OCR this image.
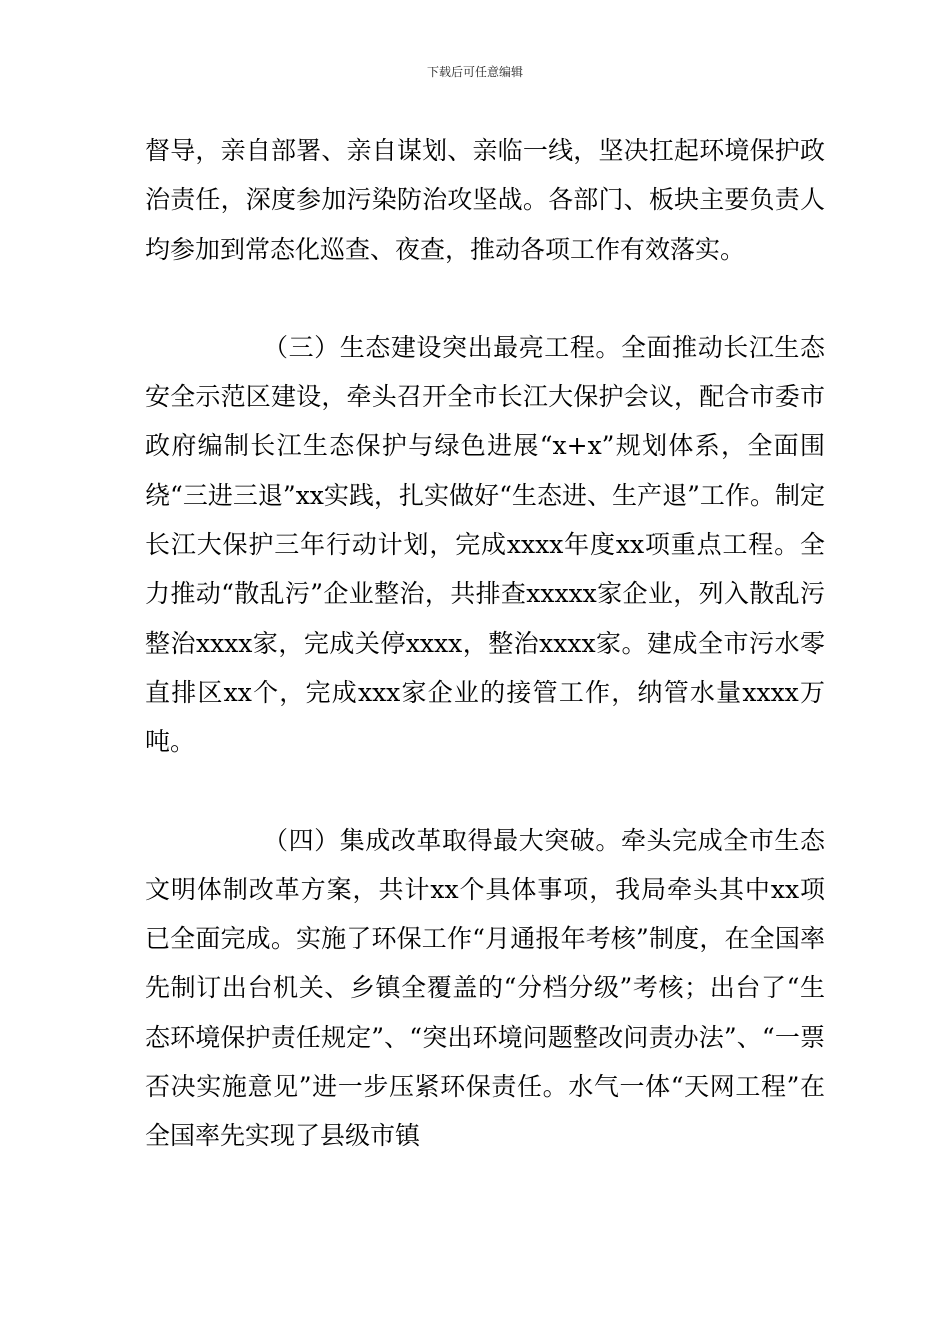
下载后可任意编辑

督导，亲自部署、亲自谋划、亲临一线，坚决扛起环境保护政治责任，深度参加污染防治攻坚战。各部门、板块主要负责人均参加到常态化巡查、夜查，推动各项工作有效落实。

（三）生态建设突出最亮工程。全面推动长江生态安全示范区建设，牵头召开全市长江大保护会议，配合市委市政府编制长江生态保护与绿色进展“x+x”规划体系，全面围绕“三进三退”xx实践，扎实做好“生态进、生产退”工作。制定长江大保护三年行动计划，完成xxxx年度xx项重点工程。全力推动“散乱污”企业整治，共排查xxxxx家企业，列入散乱污整治xxxx家，完成关停xxxx，整治xxxx家。建成全市污水零直排区xx个，完成xxx家企业的接管工作，纳管水量xxxx万吨。

（四）集成改革取得最大突破。牵头完成全市生态文明体制改革方案，共计xx个具体事项，我局牵头其中xx项已全面完成。实施了环保工作“月通报年考核”制度，在全国率先制订出台机关、乡镇全覆盖的“分档分级”考核；出台了“生态环境保护责任规定”、“突出环境问题整改问责办法”、“一票否决实施意见”进一步压紧环保责任。水气一体“天网工程”在全国率先实现了县级市镇
